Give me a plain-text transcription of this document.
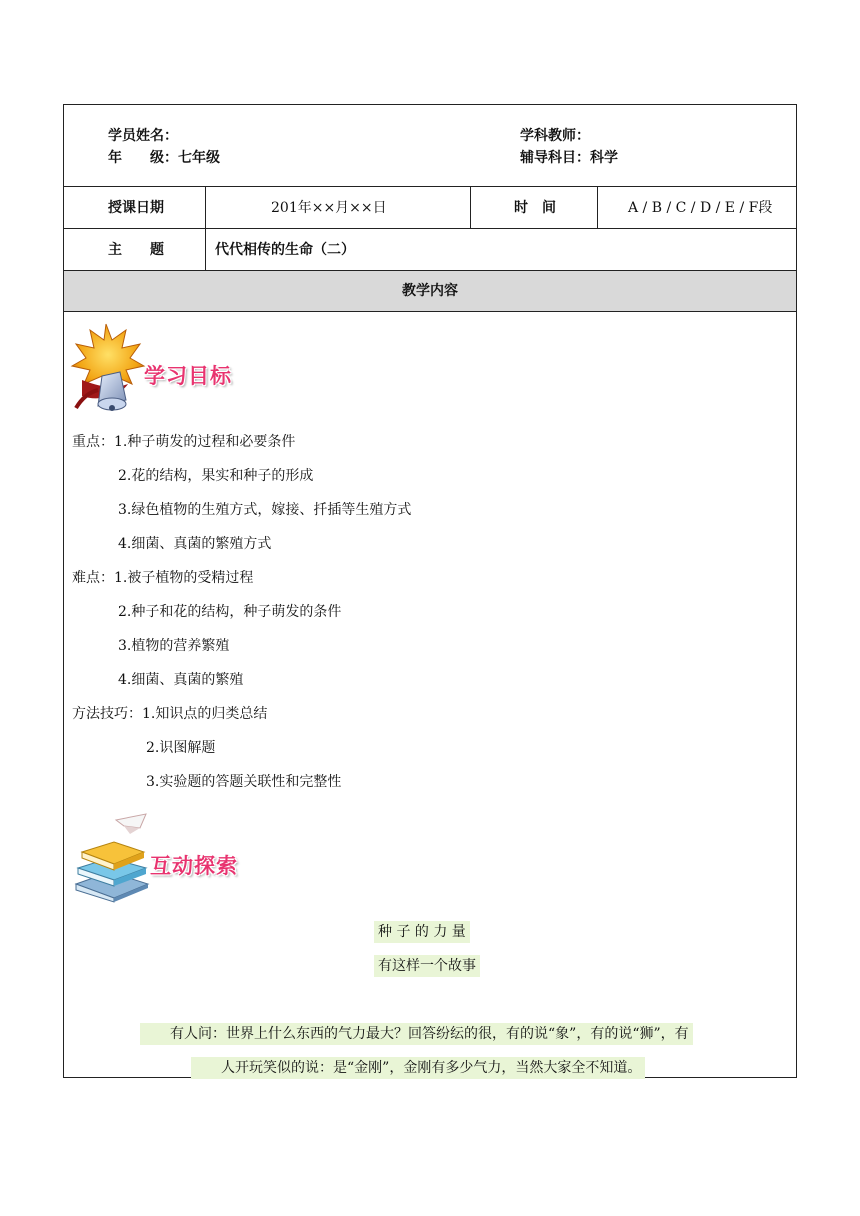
学员姓名：	学科教师：
年　　级：七年级	辅导科目：科学
授课日期	201年××月××日	时　间	A / B / C / D / E / F段
主　　题	代代相传的生命（二）
教学内容
学习目标
重点：1.种子萌发的过程和必要条件
2.花的结构，果实和种子的形成
3.绿色植物的生殖方式，嫁接、扦插等生殖方式
4.细菌、真菌的繁殖方式
难点：1.被子植物的受精过程
2.种子和花的结构，种子萌发的条件
3.植物的营养繁殖
4.细菌、真菌的繁殖
方法技巧：1.知识点的归类总结
2.识图解题
3.实验题的答题关联性和完整性
互动探索
种 子 的 力 量
有这样一个故事
有人问：世界上什么东西的气力最大？回答纷纭的很，有的说“象”，有的说“狮”，有
人开玩笑似的说：是“金刚”，金刚有多少气力，当然大家全不知道。
